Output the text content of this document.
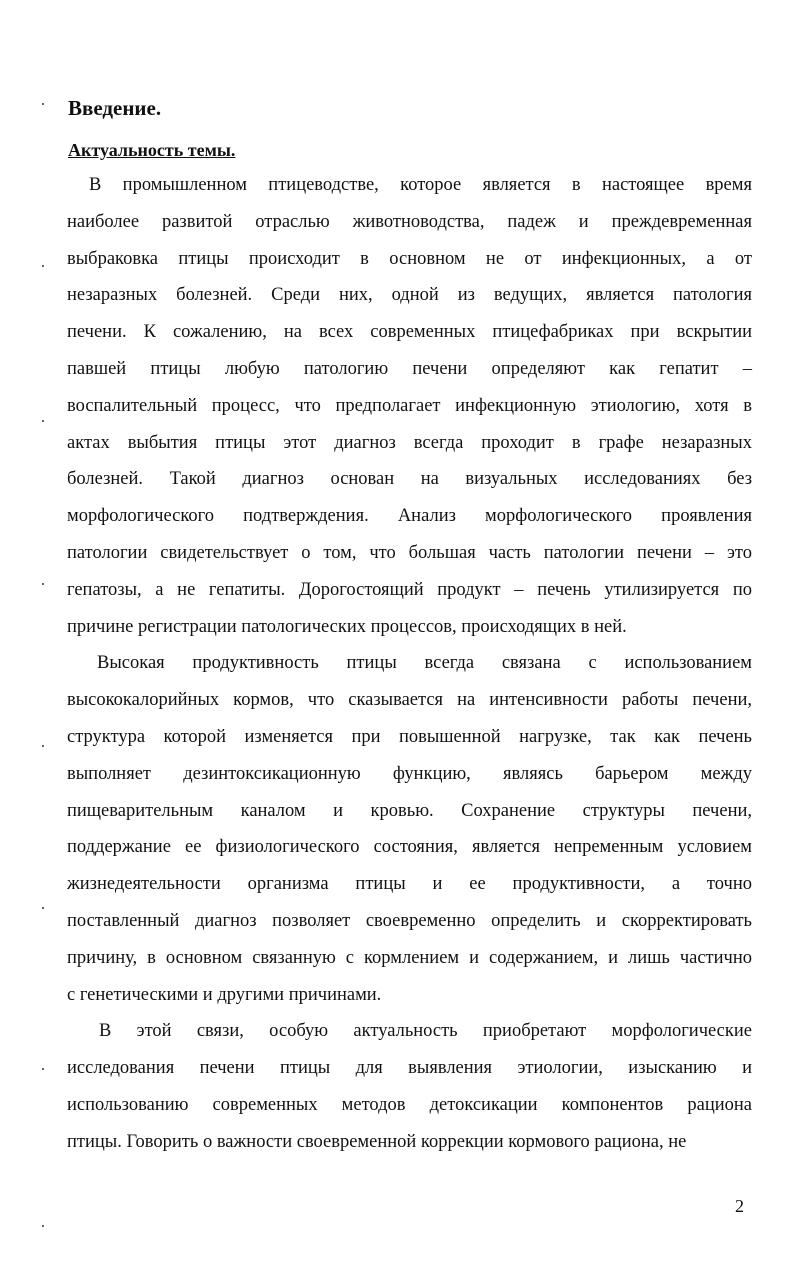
Введение.
Актуальность темы.
В промышленном птицеводстве, которое является в настоящее время
наиболее развитой отраслью животноводства, падеж и преждевременная
выбраковка птицы происходит в основном не от инфекционных, а от
незаразных болезней. Среди них, одной из ведущих, является патология
печени. К сожалению, на всех современных птицефабриках при вскрытии
павшей птицы любую патологию печени определяют как гепатит –
воспалительный процесс, что предполагает инфекционную этиологию, хотя в
актах выбытия птицы этот диагноз всегда проходит в графе незаразных
болезней. Такой диагноз основан на визуальных исследованиях без
морфологического подтверждения. Анализ морфологического проявления
патологии свидетельствует о том, что большая часть патологии печени – это
гепатозы, а не гепатиты. Дорогостоящий продукт – печень утилизируется по
причине регистрации патологических процессов, происходящих в ней.
Высокая продуктивность птицы всегда связана с использованием
высококалорийных кормов, что сказывается на интенсивности работы печени,
структура которой изменяется при повышенной нагрузке, так как печень
выполняет дезинтоксикационную функцию, являясь барьером между
пищеварительным каналом и кровью. Сохранение структуры печени,
поддержание ее физиологического состояния, является непременным условием
жизнедеятельности организма птицы и ее продуктивности, а точно
поставленный диагноз позволяет своевременно определить и скорректировать
причину, в основном связанную с кормлением и содержанием, и лишь частично
с генетическими и другими причинами.
В этой связи, особую актуальность приобретают морфологические
исследования печени птицы для выявления этиологии, изысканию и
использованию современных методов детоксикации компонентов рациона
птицы. Говорить о важности своевременной коррекции кормового рациона, не
2
